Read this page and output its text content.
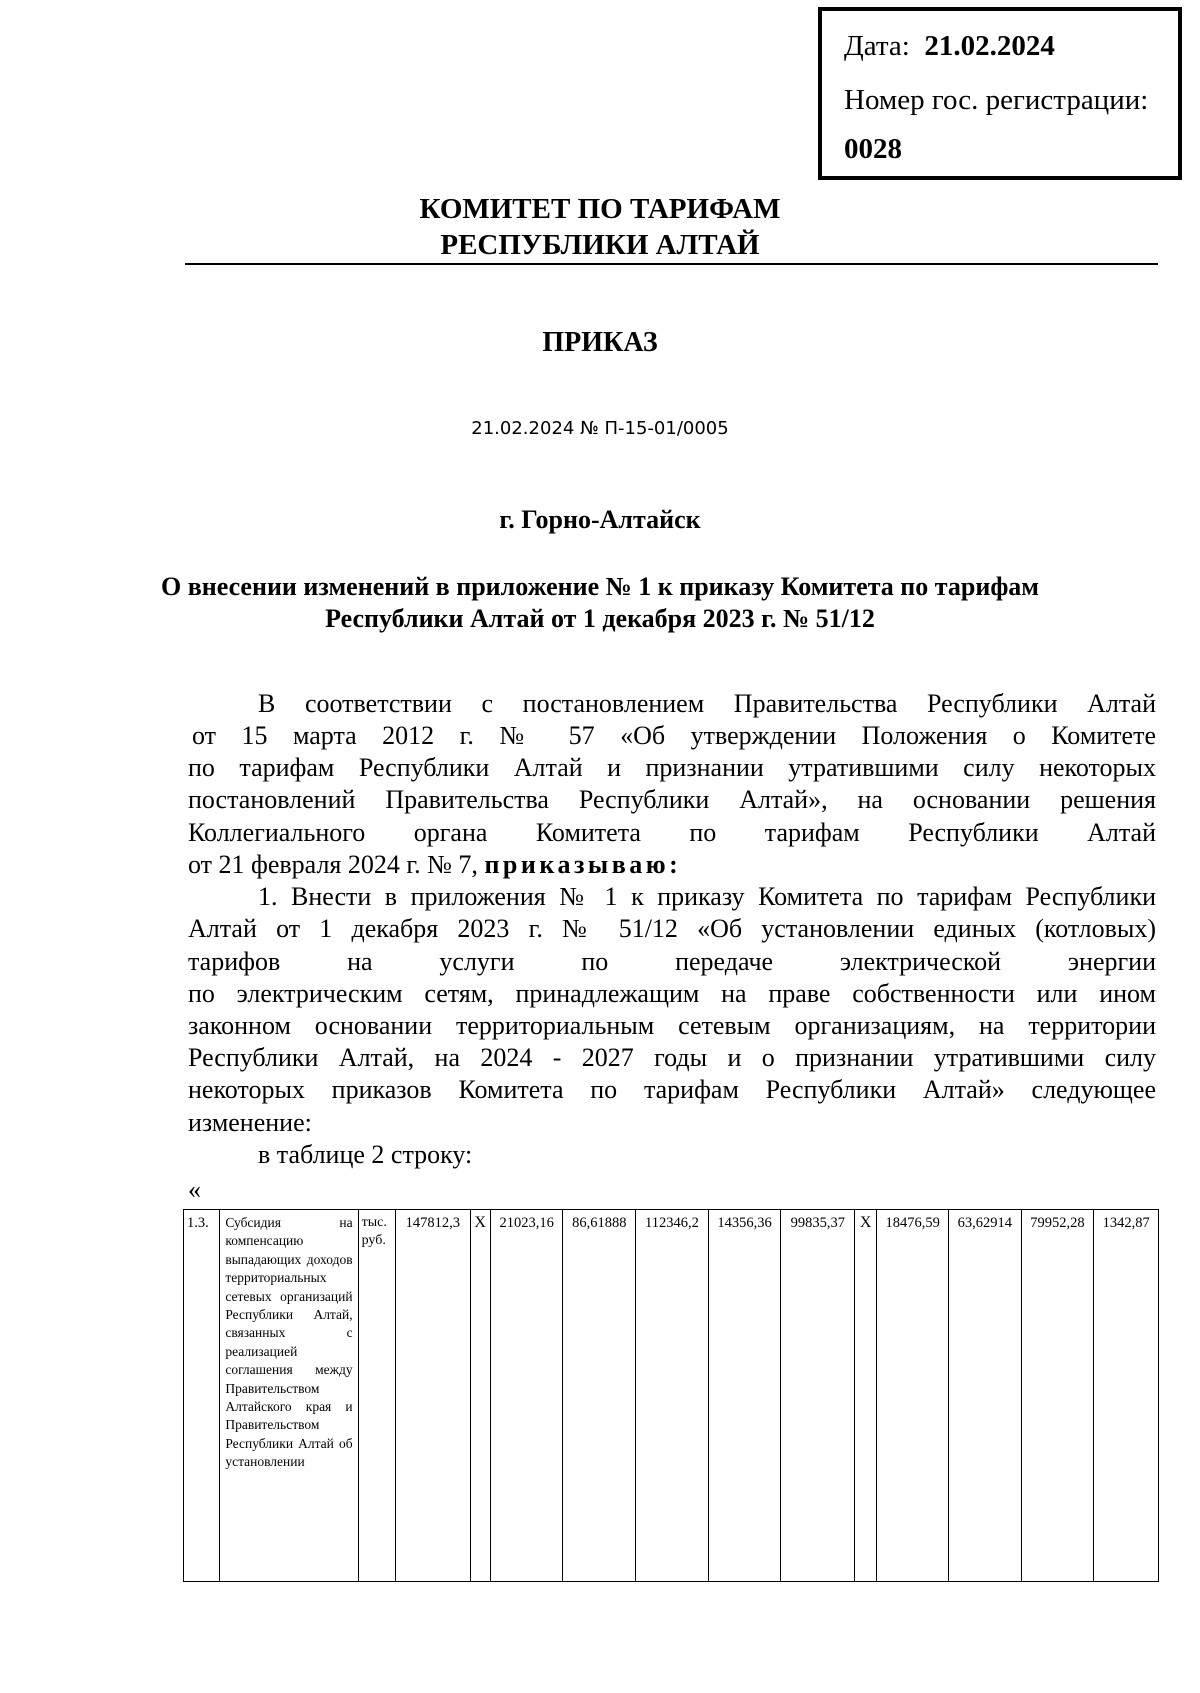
Дата: 21.02.2024
Номер гос. регистрации:
0028
КОМИТЕТ ПО ТАРИФАМ
РЕСПУБЛИКИ АЛТАЙ
ПРИКАЗ
21.02.2024 № П-15-01/0005
г. Горно-Алтайск
О внесении изменений в приложение № 1 к приказу Комитета по тарифам
Республики Алтай от 1 декабря 2023 г. № 51/12
В соответствии с постановлением Правительства Республики Алтай
от 15 марта 2012 г. № 57 «Об утверждении Положения о Комитете
по тарифам Республики Алтай и признании утратившими силу некоторых
постановлений Правительства Республики Алтай», на основании решения
Коллегиального органа Комитета по тарифам Республики Алтай
от 21 февраля 2024 г. № 7, приказываю:
1. Внести в приложения № 1 к приказу Комитета по тарифам Республики
Алтай от 1 декабря 2023 г. № 51/12 «Об установлении единых (котловых)
тарифов на услуги по передаче электрической энергии
по электрическим сетям, принадлежащим на праве собственности или ином
законном основании территориальным сетевым организациям, на территории
Республики Алтай, на 2024 - 2027 годы и о признании утратившими силу
некоторых приказов Комитета по тарифам Республики Алтай» следующее
изменение:
в таблице 2 строку:
«
1.3.	Субсидия на компенсацию выпадающих доходов территориальных сетевых организаций Республики Алтай, связанных с реализацией соглашения между Правительством Алтайского края и Правительством Республики Алтай об установлении	тыс. руб.	147812,3	X	21023,16	86,61888	112346,2	14356,36	99835,37	X	18476,59	63,62914	79952,28	1342,87
